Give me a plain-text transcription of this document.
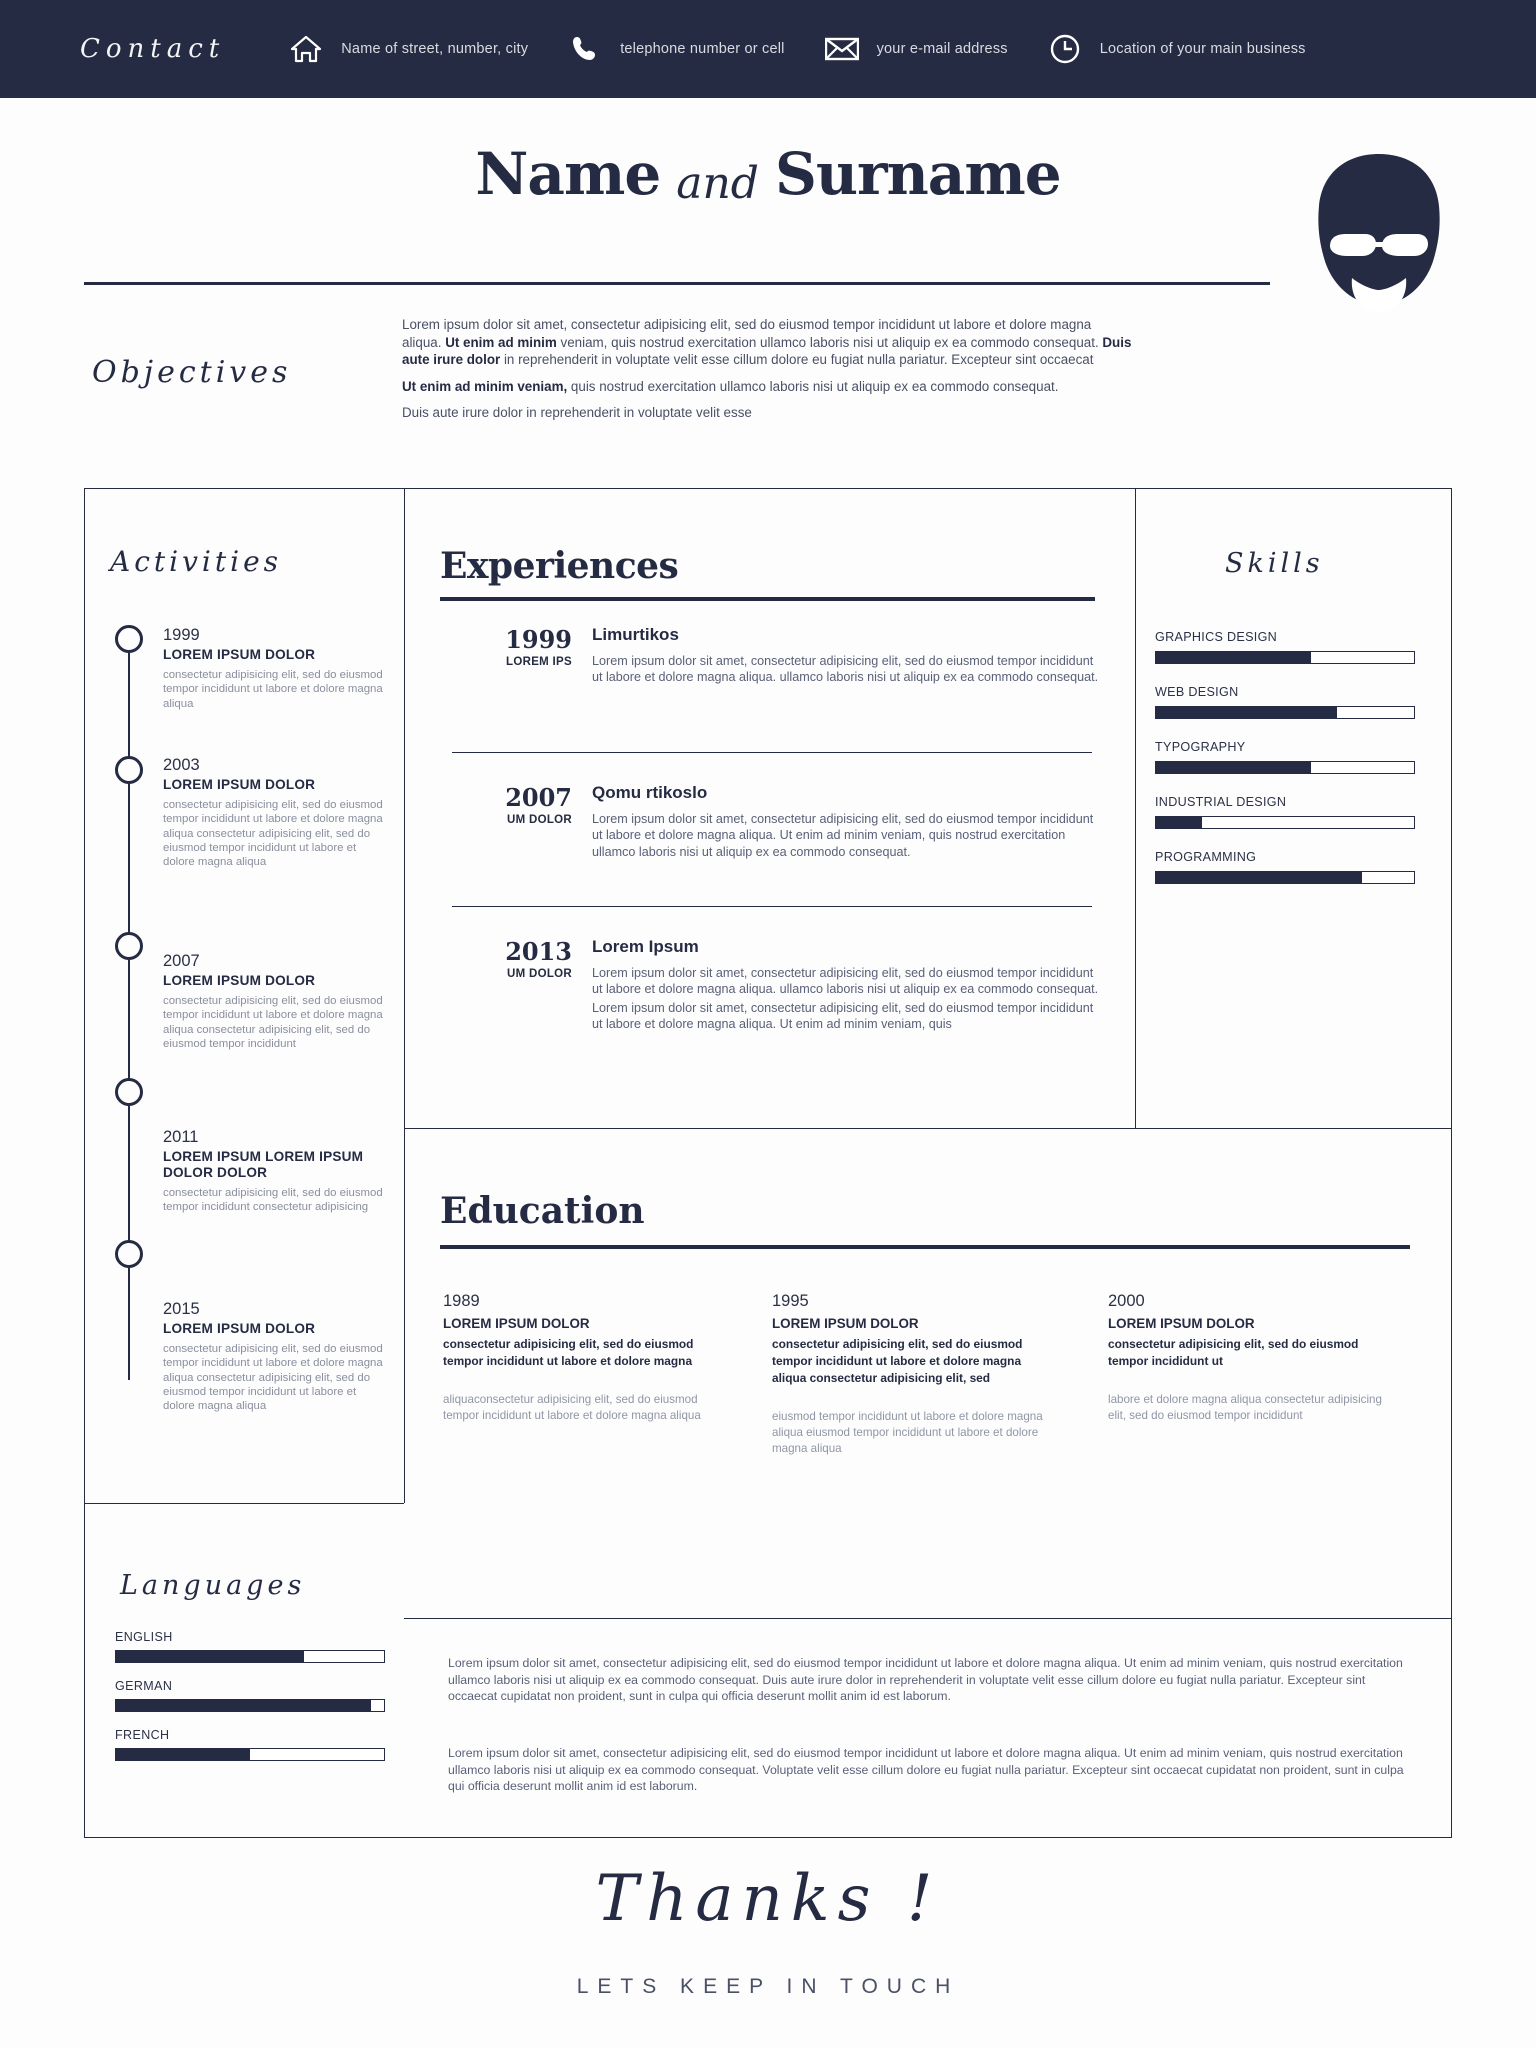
Contact	Name of street, number, city	telephone number or cell	your e-mail address	Location of your main business
Name and Surname
Objectives

Lorem ipsum dolor sit amet, consectetur adipisicing elit, sed do eiusmod tempor incididunt ut labore et dolore magna aliqua. Ut enim ad minim veniam, quis nostrud exercitation ullamco laboris nisi ut aliquip ex ea commodo consequat. Duis aute irure dolor in reprehenderit in voluptate velit esse cillum dolore eu fugiat nulla pariatur. Excepteur sint occaecat

Ut enim ad minim veniam, quis nostrud exercitation ullamco laboris nisi ut aliquip ex ea commodo consequat.

Duis aute irure dolor in reprehenderit in voluptate velit esse

Activities
1999
LOREM IPSUM DOLOR
consectetur adipisicing elit, sed do eiusmod tempor incididunt ut labore et dolore magna aliqua
2003
LOREM IPSUM DOLOR
consectetur adipisicing elit, sed do eiusmod tempor incididunt ut labore et dolore magna aliqua consectetur adipisicing elit, sed do eiusmod tempor incididunt ut labore et dolore magna aliqua
2007
LOREM IPSUM DOLOR
consectetur adipisicing elit, sed do eiusmod tempor incididunt ut labore et dolore magna aliqua consectetur adipisicing elit, sed do eiusmod tempor incididunt
2011
LOREM IPSUM LOREM IPSUM DOLOR DOLOR
consectetur adipisicing elit, sed do eiusmod tempor incididunt consectetur adipisicing
2015
LOREM IPSUM DOLOR
consectetur adipisicing elit, sed do eiusmod tempor incididunt ut labore et dolore magna aliqua consectetur adipisicing elit, sed do eiusmod tempor incididunt ut labore et dolore magna aliqua
Languages
ENGLISH
GERMAN
FRENCH
Experiences
1999
LOREM IPS
Limurtikos
Lorem ipsum dolor sit amet, consectetur adipisicing elit, sed do eiusmod tempor incididunt ut labore et dolore magna aliqua. ullamco laboris nisi ut aliquip ex ea commodo consequat.
2007
UM DOLOR
Qomu rtikoslo
Lorem ipsum dolor sit amet, consectetur adipisicing elit, sed do eiusmod tempor incididunt ut labore et dolore magna aliqua. Ut enim ad minim veniam, quis nostrud exercitation ullamco laboris nisi ut aliquip ex ea commodo consequat.
2013
UM DOLOR
Lorem Ipsum
Lorem ipsum dolor sit amet, consectetur adipisicing elit, sed do eiusmod tempor incididunt ut labore et dolore magna aliqua. ullamco laboris nisi ut aliquip ex ea commodo consequat.
Lorem ipsum dolor sit amet, consectetur adipisicing elit, sed do eiusmod tempor incididunt ut labore et dolore magna aliqua. Ut enim ad minim veniam, quis
Skills
GRAPHICS DESIGN
WEB DESIGN
TYPOGRAPHY
INDUSTRIAL DESIGN
PROGRAMMING
Education
1989
LOREM IPSUM DOLOR
consectetur adipisicing elit, sed do eiusmod tempor incididunt ut labore et dolore magna
aliquaconsectetur adipisicing elit, sed do eiusmod tempor incididunt ut labore et dolore magna aliqua
1995
LOREM IPSUM DOLOR
consectetur adipisicing elit, sed do eiusmod tempor incididunt ut labore et dolore magna aliqua consectetur adipisicing elit, sed
eiusmod tempor incididunt ut labore et dolore magna aliqua eiusmod tempor incididunt ut labore et dolore magna aliqua
2000
LOREM IPSUM DOLOR
consectetur adipisicing elit, sed do eiusmod tempor incididunt ut
labore et dolore magna aliqua consectetur adipisicing elit, sed do eiusmod tempor incididunt
Lorem ipsum dolor sit amet, consectetur adipisicing elit, sed do eiusmod tempor incididunt ut labore et dolore magna aliqua. Ut enim ad minim veniam, quis nostrud exercitation ullamco laboris nisi ut aliquip ex ea commodo consequat. Duis aute irure dolor in reprehenderit in voluptate velit esse cillum dolore eu fugiat nulla pariatur. Excepteur sint occaecat cupidatat non proident, sunt in culpa qui officia deserunt mollit anim id est laborum.
Lorem ipsum dolor sit amet, consectetur adipisicing elit, sed do eiusmod tempor incididunt ut labore et dolore magna aliqua. Ut enim ad minim veniam, quis nostrud exercitation ullamco laboris nisi ut aliquip ex ea commodo consequat. Voluptate velit esse cillum dolore eu fugiat nulla pariatur. Excepteur sint occaecat cupidatat non proident, sunt in culpa qui officia deserunt mollit anim id est laborum.
Thanks !
LETS KEEP IN TOUCH
